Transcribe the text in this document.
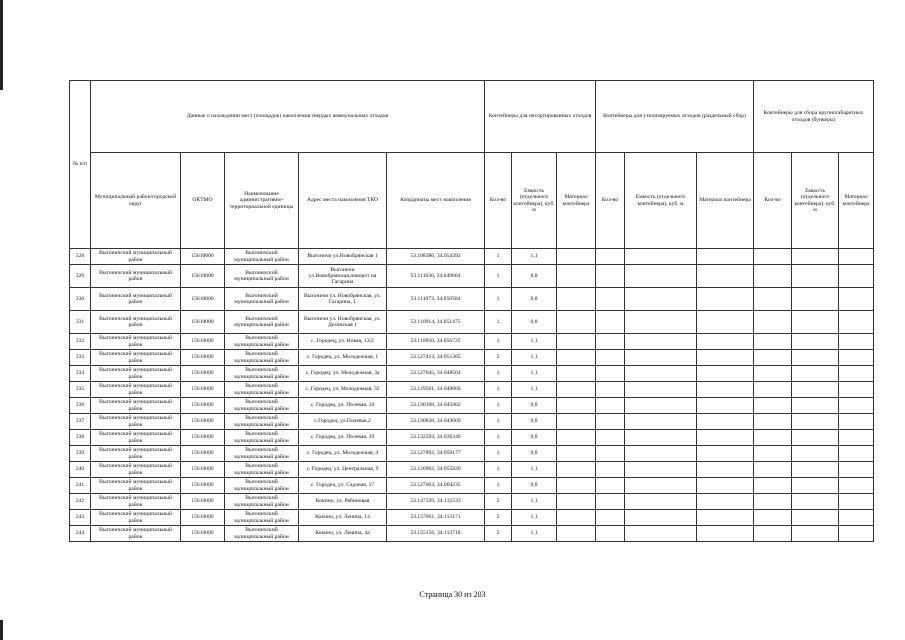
№ п/п	Данные о нахождении мест (площадок) накопления твердых коммунальных отходов					Контейнеры для несортированных отходов			Контейнеры для утилизируемых отходов (раздельный сбор)			Контейнеры для сбора крупногабаритных отходов (бункеры)		
	Муниципальный район/городской округ	ОКТМО	Наименование административно-территориальной единицы	Адрес места накопления ТКО	Координаты мест накопления	Кол-во	Емкость (отдельного контейнера), куб. м	Материал контейнера	Кол-во	Емкость (отдельного контейнера), куб. м	Материал контейнера	Кол-во	Емкость (отдельного контейнера), куб. м	Материал контейнера
328	Выгоничский муниципальный район	15610000	Выгоничский муниципальный район	Выгоничи ул.Новобрянская 1	53.108386, 34.054392	1	1,1							
329	Выгоничский муниципальный район	15610000	Выгоничский муниципальный район	Выгоничи ул.Новобрянская,поворот на Гагарина	53.111036, 34.049664	1	0,8							
330	Выгоничский муниципальный район	15610000	Выгоничский муниципальный район	Выгоничи ул. Новобрянская, ул. Гагарина, 1	53.111973, 34.050584	1	0,8							
331	Выгоничский муниципальный район	15610000	Выгоничский муниципальный район	Выгоничи ул. Новобрянская, ул. Десянская 1	53.110914, 34.051475	1	0,8							
332	Выгоничский муниципальный район	15610000	Выгоничский муниципальный район	с. Городец, ул. Новая, 13/2	53.118950, 34.056725	1	1,1							
333	Выгоничский муниципальный район	15610000	Выгоничский муниципальный район	с. Городец, ул. Молодежная, 1	53.127413, 34.051365	2	1,1							
334	Выгоничский муниципальный район	15610000	Выгоничский муниципальный район	с. Городец, ул. Молодежная, 3а	53.127645, 34.048564	1	1,1							
335	Выгоничский муниципальный район	15610000	Выгоничский муниципальный район	с. Городец, ул. Молодежная, 32	53.129561, 34.040066	1	1,1							
336	Выгоничский муниципальный район	15610000	Выгоничский муниципальный район	с. Городец, ул. Полевая, 10	53.130108, 34.045862	1	0,8							
337	Выгоничский муниципальный район	15610000	Выгоничский муниципальный район	с.Городец, ул.Полевая,2	53.130838, 34.043009	1	0,8							
338	Выгоничский муниципальный район	15610000	Выгоничский муниципальный район	с. Городец, ул. Полевая, 39	53.132593, 34.036346	1	0,8							
339	Выгоничский муниципальный район	15610000	Выгоничский муниципальный район	с. Городец, ул. Молодежная, 4	53.127892, 34.050177	1	0,8							
340	Выгоничский муниципальный район	15610000	Выгоничский муниципальный район	с. Городец, ул. Центральная, 9	53.126962, 34.055820	1	1,1							
341	Выгоничский муниципальный район	15610000	Выгоничский муниципальный район	с. Городец, ул. Садовая, 17	53.127063, 34.064235	1	0,8							
342	Выгоничский муниципальный район	15610000	Выгоничский муниципальный район	Кокино, ул. Рябиновая	53.147339, 34.131533	2	1,1							
343	Выгоничский муниципальный район	15610000	Выгоничский муниципальный район	Кокино, ул. Ленина, 14	53.157861, 34.113171	2	1,1							
344	Выгоничский муниципальный район	15610000	Выгоничский муниципальный район	Кокино, ул. Ленина, 4а	53.155156, 34.113718	2	1,1							
Страница 30 из 203
